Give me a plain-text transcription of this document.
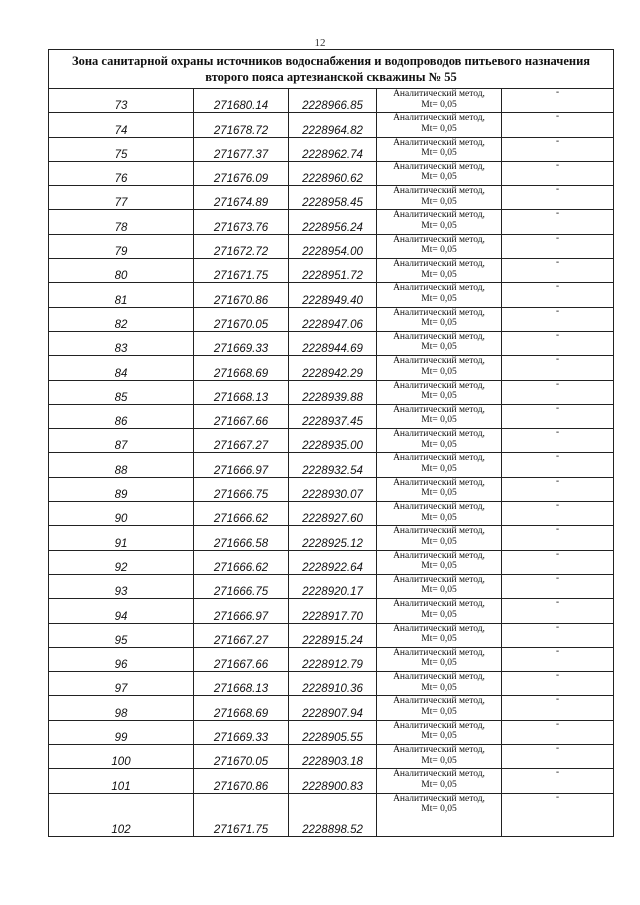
12
Зона санитарной охраны источников водоснабжения и водопроводов питьевого назначения
второго пояса артезианской скважины № 55				

73	271680.14	2228966.85	Аналитический метод,
Mt= 0,05	-

74	271678.72	2228964.82	Аналитический метод,
Mt= 0,05	-

75	271677.37	2228962.74	Аналитический метод,
Mt= 0,05	-

76	271676.09	2228960.62	Аналитический метод,
Mt= 0,05	-

77	271674.89	2228958.45	Аналитический метод,
Mt= 0,05	-

78	271673.76	2228956.24	Аналитический метод,
Mt= 0,05	-

79	271672.72	2228954.00	Аналитический метод,
Mt= 0,05	-

80	271671.75	2228951.72	Аналитический метод,
Mt= 0,05	-

81	271670.86	2228949.40	Аналитический метод,
Mt= 0,05	-

82	271670.05	2228947.06	Аналитический метод,
Mt= 0,05	-

83	271669.33	2228944.69	Аналитический метод,
Mt= 0,05	-

84	271668.69	2228942.29	Аналитический метод,
Mt= 0,05	-

85	271668.13	2228939.88	Аналитический метод,
Mt= 0,05	-

86	271667.66	2228937.45	Аналитический метод,
Mt= 0,05	-

87	271667.27	2228935.00	Аналитический метод,
Mt= 0,05	-

88	271666.97	2228932.54	Аналитический метод,
Mt= 0,05	-

89	271666.75	2228930.07	Аналитический метод,
Mt= 0,05	-

90	271666.62	2228927.60	Аналитический метод,
Mt= 0,05	-

91	271666.58	2228925.12	Аналитический метод,
Mt= 0,05	-

92	271666.62	2228922.64	Аналитический метод,
Mt= 0,05	-

93	271666.75	2228920.17	Аналитический метод,
Mt= 0,05	-

94	271666.97	2228917.70	Аналитический метод,
Mt= 0,05	-

95	271667.27	2228915.24	Аналитический метод,
Mt= 0,05	-

96	271667.66	2228912.79	Аналитический метод,
Mt= 0,05	-

97	271668.13	2228910.36	Аналитический метод,
Mt= 0,05	-

98	271668.69	2228907.94	Аналитический метод,
Mt= 0,05	-

99	271669.33	2228905.55	Аналитический метод,
Mt= 0,05	-

100	271670.05	2228903.18	Аналитический метод,
Mt= 0,05	-

101	271670.86	2228900.83	Аналитический метод,
Mt= 0,05	-

102	271671.75	2228898.52	Аналитический метод,
Mt= 0,05	-
